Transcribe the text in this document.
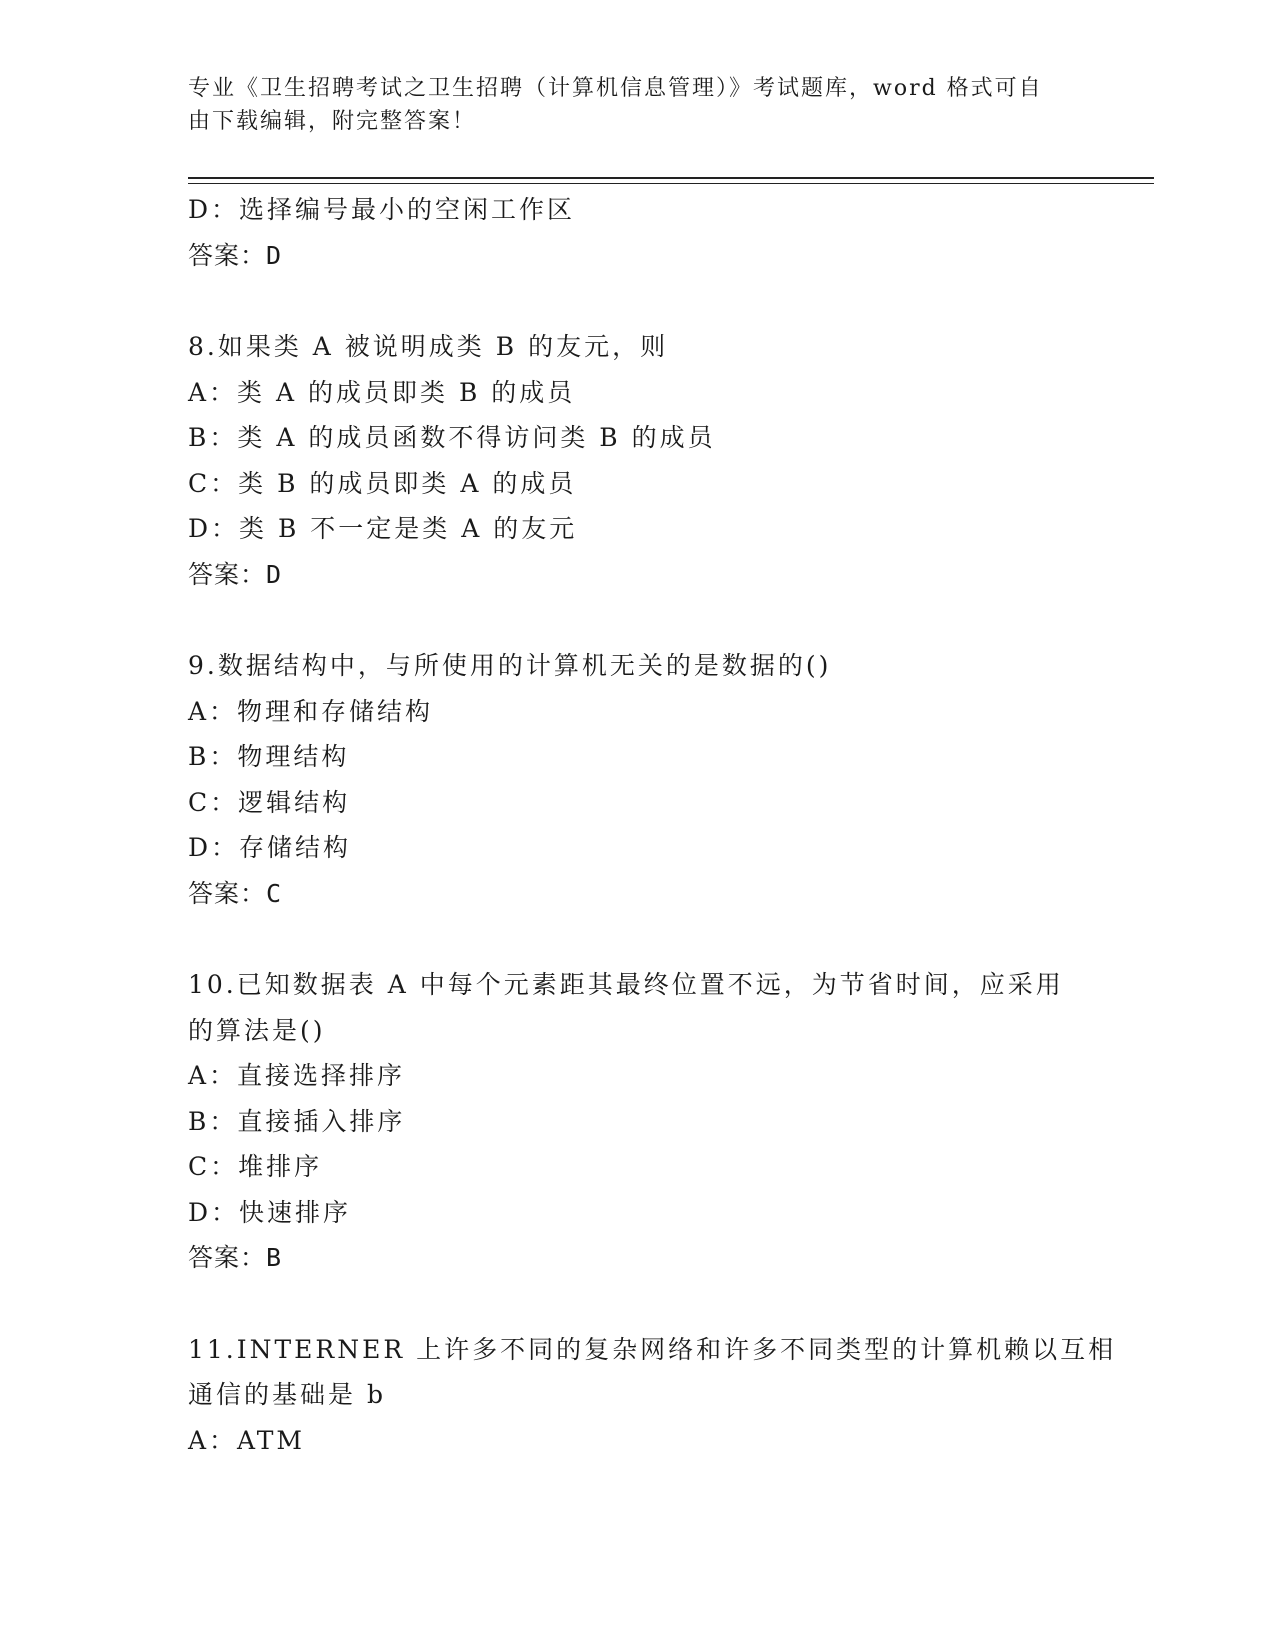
专业《卫生招聘考试之卫生招聘（计算机信息管理）》考试题库，word 格式可自
由下载编辑，附完整答案！
D：选择编号最小的空闲工作区
答案：D
8.如果类 A 被说明成类 B 的友元，则
A：类 A 的成员即类 B 的成员
B：类 A 的成员函数不得访问类 B 的成员
C：类 B 的成员即类 A 的成员
D：类 B 不一定是类 A 的友元
答案：D
9.数据结构中，与所使用的计算机无关的是数据的()
A：物理和存储结构
B：物理结构
C：逻辑结构
D：存储结构
答案：C
10.已知数据表 A 中每个元素距其最终位置不远，为节省时间，应采用
的算法是()
A：直接选择排序
B：直接插入排序
C：堆排序
D：快速排序
答案：B
11.INTERNER 上许多不同的复杂网络和许多不同类型的计算机赖以互相
通信的基础是 b
A：ATM
